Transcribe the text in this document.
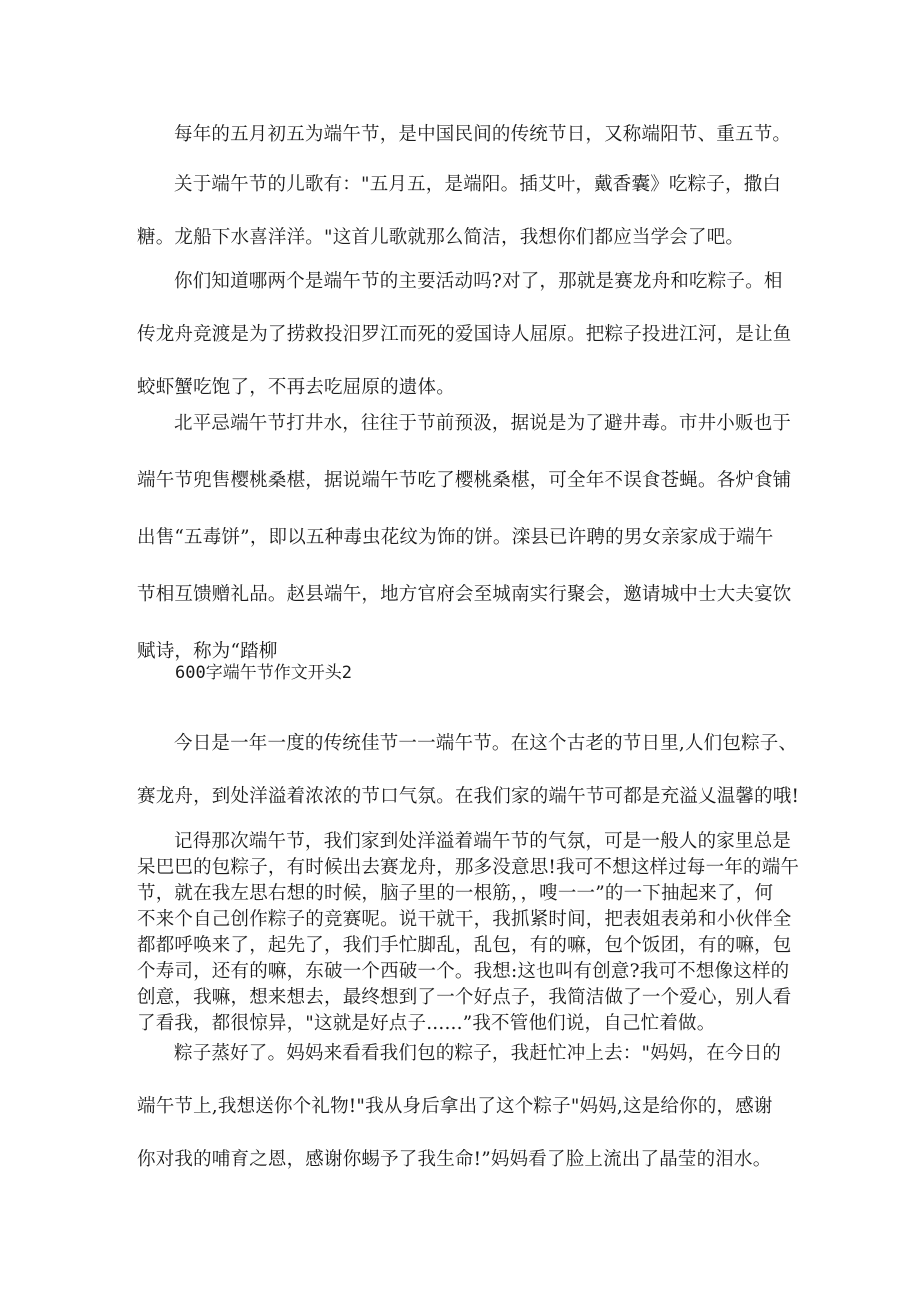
每年的五月初五为端午节，是中国民间的传统节日，又称端阳节、重五节。

关于端午节的儿歌有："五月五，是端阳。插艾叶，戴香囊》吃粽子，撒白
糖。龙船下水喜洋洋。"这首儿歌就那么简洁，我想你们都应当学会了吧。

你们知道哪两个是端午节的主要活动吗?对了，那就是赛龙舟和吃粽子。相
传龙舟竞渡是为了捞救投汨罗江而死的爱国诗人屈原。把粽子投进江河，是让鱼
蛟虾蟹吃饱了，不再去吃屈原的遗体。

北平忌端午节打井水，往往于节前预汲，据说是为了避井毒。市井小贩也于
端午节兜售樱桃桑椹，据说端午节吃了樱桃桑椹，可全年不误食苍蝇。各炉食铺
出售“五毒饼”，即以五种毒虫花纹为饰的饼。滦县已许聘的男女亲家成于端午
节相互馈赠礼品。赵县端午，地方官府会至城南实行聚会，邀请城中士大夫宴饮
赋诗，称为“踏柳

600字端午节作文开头2

今日是一年一度的传统佳节一一端午节。在这个古老的节日里,人们包粽子、
赛龙舟，到处洋溢着浓浓的节口气氛。在我们家的端午节可都是充溢乂温馨的哦!

记得那次端午节，我们家到处洋溢着端午节的气氛，可是一般人的家里总是
呆巴巴的包粽子，有时候出去赛龙舟，那多没意思!我可不想这样过每一年的端午
节，就在我左思右想的时候，脑子里的一根筋，，嗖一一”的一下抽起来了，何
不来个自己创作粽子的竞赛呢。说干就干，我抓紧时间，把表姐表弟和小伙伴全
都都呼唤来了，起先了，我们手忙脚乱，乱包，有的嘛，包个饭团，有的嘛，包
个寿司，还有的嘛，东破一个西破一个。我想:这也叫有创意?我可不想像这样的
创意，我嘛，想来想去，最终想到了一个好点子，我简洁做了一个爱心，别人看
了看我，都很惊异，"这就是好点子......”我不管他们说，自己忙着做。

粽子蒸好了。妈妈来看看我们包的粽子，我赶忙冲上去："妈妈，在今日的
端午节上,我想送你个礼物!"我从身后拿出了这个粽子"妈妈,这是给你的，感谢
你对我的哺育之恩，感谢你蜴予了我生命!”妈妈看了脸上流出了晶莹的泪水。
